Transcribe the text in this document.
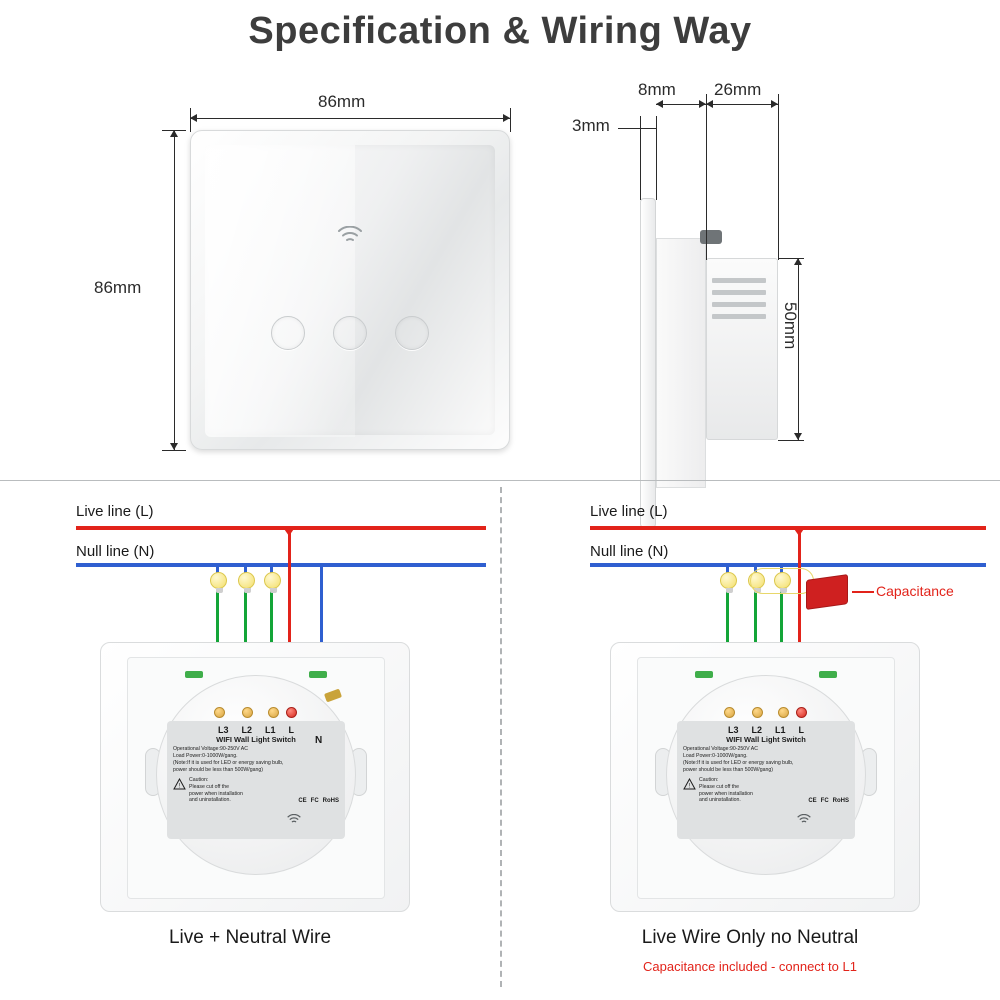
Specification & Wiring Way
86mm
86mm
3mm
8mm 26mm
50mm
Live line (L)
Null line (N)
L3 L2 L1 L
WIFI Wall Light Switch
Operational Voltage:90-250V AC
Load Power:0-1000W/gang.
(Note:If it is used for LED or energy saving bulb,
power should be less than 500W/gang)
!
Caution:
Please cut off the
power when installation
and uninstallation.	CE FC RoHS
N
Live + Neutral Wire
Live line (L)
Null line (N)
Capacitance
L3 L2 L1 L
WIFI Wall Light Switch
Operational Voltage:90-250V AC
Load Power:0-1000W/gang.
(Note:If it is used for LED or energy saving bulb,
power should be less than 500W/gang)
!
Caution:
Please cut off the
power when installation
and uninstallation.	CE FC RoHS
Live Wire Only no Neutral
Capacitance included - connect to L1
